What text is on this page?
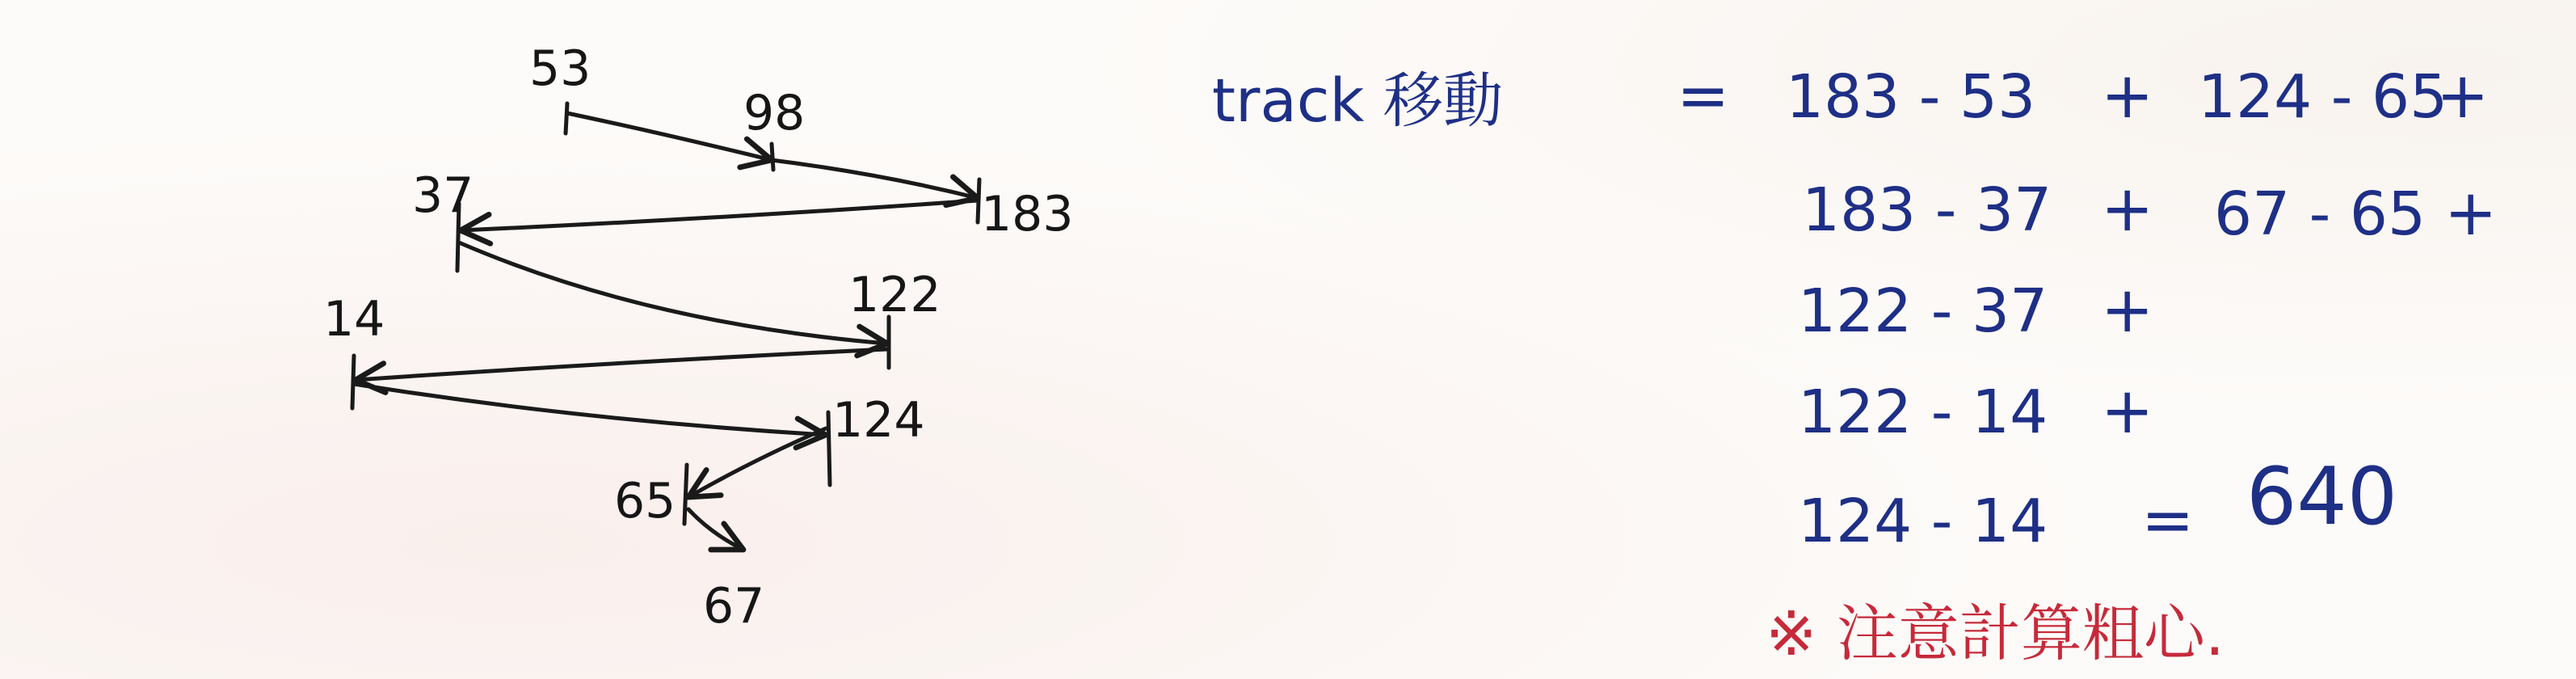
53
98
183
37
122
14
124
65
67
track 移動	= 183 - 53 + 124 - 65
+
183 - 37 + 67 - 65 +
122 - 37 +
122 - 14 +
124 - 14 = 640
※ 注意計算粗心.
